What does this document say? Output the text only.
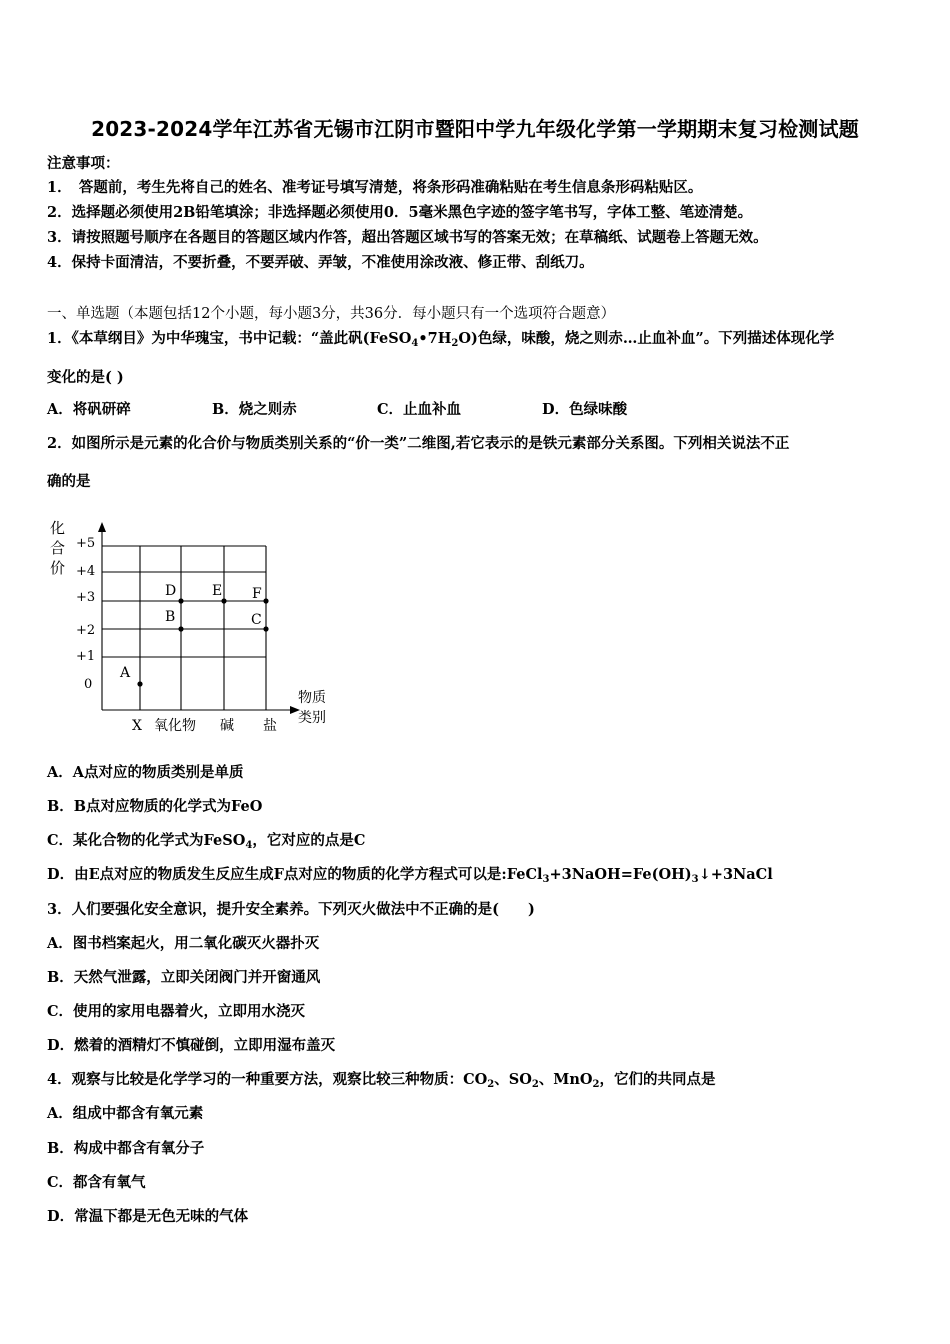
2023-2024学年江苏省无锡市江阴市暨阳中学九年级化学第一学期期末复习检测试题
注意事项：
1．　答题前，考生先将自己的姓名、准考证号填写清楚，将条形码准确粘贴在考生信息条形码粘贴区。
2．选择题必须使用2B铅笔填涂；非选择题必须使用0．5毫米黑色字迹的签字笔书写，字体工整、笔迹清楚。
3．请按照题号顺序在各题目的答题区域内作答，超出答题区域书写的答案无效；在草稿纸、试题卷上答题无效。
4．保持卡面清洁，不要折叠，不要弄破、弄皱，不准使用涂改液、修正带、刮纸刀。
一、单选题（本题包括12个小题，每小题3分，共36分．每小题只有一个选项符合题意）
1．《本草纲目》为中华瑰宝，书中记载：“盖此矾$(FeSO_4•7H_2O)$色绿，味酸，烧之则赤…止血补血”。下列描述体现化学
变化的是( )
A．将矾研碎	B．烧之则赤	C．止血补血	D．色绿味酸
2．如图所示是元素的化合价与物质类别关系的“价一类”二维图,若它表示的是铁元素部分关系图。下列相关说法不正
确的是
化
合
价
+5
+4
+3
+2
+1
0
X 氧化物 碱 盐
物质
类别
A
B	C
D	E F
A．A点对应的物质类别是单质
B．B点对应物质的化学式为FeO
C．某化合物的化学式为FeSO$_4$，它对应的点是C
D．由E点对应的物质发生反应生成F点对应的物质的化学方程式可以是$:FeCl_3+3NaOH=Fe(OH)_3↓+3NaCl$
3．人们要强化安全意识，提升安全素养。下列灭火做法中不正确的是(　　)
A．图书档案起火，用二氧化碳灭火器扑灭
B．天然气泄露，立即关闭阀门并开窗通风
C．使用的家用电器着火，立即用水浇灭
D．燃着的酒精灯不慎碰倒，立即用湿布盖灭
4．观察与比较是化学学习的一种重要方法，观察比较三种物质：$CO_2$、$SO_2$、MnO$_2$，它们的共同点是
A．组成中都含有氧元素
B．构成中都含有氧分子
C．都含有氧气
D．常温下都是无色无味的气体
